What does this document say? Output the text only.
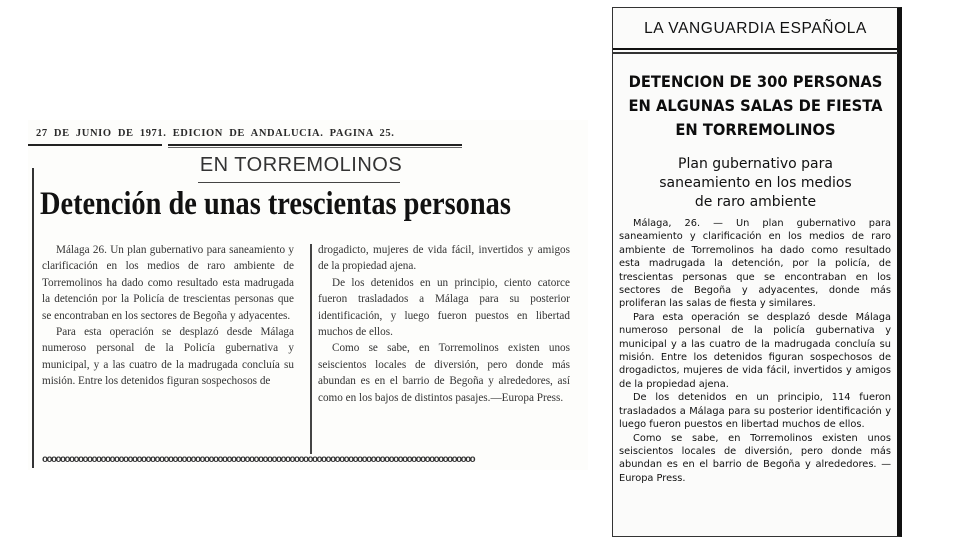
27 DE JUNIO DE 1971. EDICION DE ANDALUCIA. PAGINA 25.
EN TORREMOLINOS
Detención de unas trescientas personas

Málaga 26. Un plan gubernativo para saneamiento y clarificación en los medios de raro ambiente de Torremolinos ha dado como resultado esta madrugada la detención por la Policía de trescientas personas que se encontraban en los sectores de Begoña y adyacentes.

Para esta operación se desplazó desde Málaga numeroso personal de la Policía gubernativa y municipal, y a las cuatro de la madrugada concluía su misión. Entre los detenidos figuran sospechosos de

drogadicto, mujeres de vida fácil, invertidos y amigos de la propiedad ajena.

De los detenidos en un principio, ciento catorce fueron trasladados a Málaga para su posterior identificación, y luego fueron puestos en libertad muchos de ellos.

Como se sabe, en Torremolinos existen unos seiscientos locales de diversión, pero donde más abundan es en el barrio de Begoña y alrededores, así como en los bajos de distintos pasajes.—Europa Press.

oooooooooooooooooooooooooooooooooooooooooooooooooooooooooooooooooooooooooooooooooooooooooooooooo
LA VANGUARDIA ESPAÑOLA
DETENCION DE 300 PERSONAS
EN ALGUNAS SALAS DE FIESTA
EN TORREMOLINOS
Plan gubernativo para
saneamiento en los medios
de raro ambiente

Málaga, 26. — Un plan gubernativo para saneamiento y clarificación en los medios de raro ambiente de Torremolinos ha dado como resultado esta madrugada la detención, por la policía, de trescientas personas que se encontraban en los sectores de Begoña y adyacentes, donde más proliferan las salas de fiesta y similares.

Para esta operación se desplazó desde Málaga numeroso personal de la policía gubernativa y municipal y a las cuatro de la madrugada concluía su misión. Entre los detenidos figuran sospechosos de drogadictos, mujeres de vida fácil, invertidos y amigos de la propiedad ajena.

De los detenidos en un principio, 114 fueron trasladados a Málaga para su posterior identificación y luego fueron puestos en libertad muchos de ellos.

Como se sabe, en Torremolinos existen unos seiscientos locales de diversión, pero donde más abundan es en el barrio de Begoña y alrededores. — Europa Press.
